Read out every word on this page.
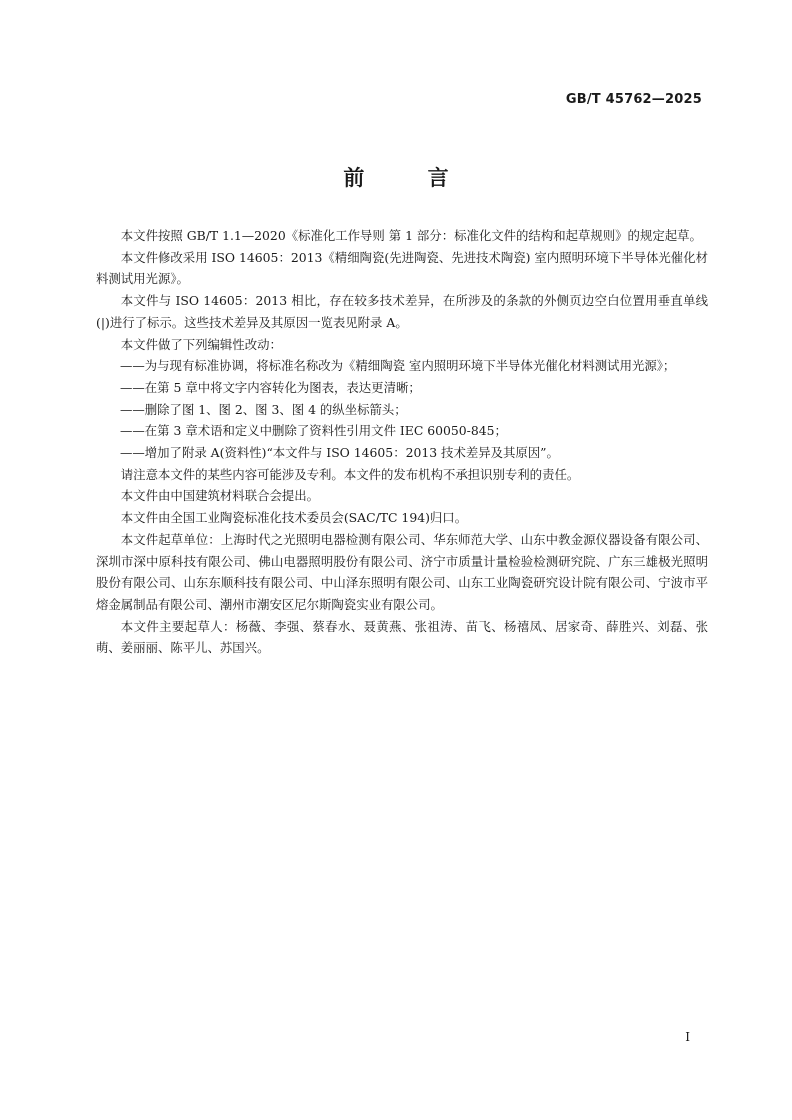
GB/T 45762—2025
前 言

本文件按照 GB/T 1.1—2020《标准化工作导则 第 1 部分：标准化文件的结构和起草规则》的规定起草。

本文件修改采用 ISO 14605：2013《精细陶瓷(先进陶瓷、先进技术陶瓷) 室内照明环境下半导体光催化材料测试用光源》。

本文件与 ISO 14605：2013 相比，存在较多技术差异，在所涉及的条款的外侧页边空白位置用垂直单线(|)进行了标示。这些技术差异及其原因一览表见附录 A。

本文件做了下列编辑性改动：

——为与现有标准协调，将标准名称改为《精细陶瓷 室内照明环境下半导体光催化材料测试用光源》；

——在第 5 章中将文字内容转化为图表，表达更清晰；

——删除了图 1、图 2、图 3、图 4 的纵坐标箭头；

——在第 3 章术语和定义中删除了资料性引用文件 IEC 60050-845；

——增加了附录 A(资料性)“本文件与 ISO 14605：2013 技术差异及其原因”。

请注意本文件的某些内容可能涉及专利。本文件的发布机构不承担识别专利的责任。

本文件由中国建筑材料联合会提出。

本文件由全国工业陶瓷标准化技术委员会(SAC/TC 194)归口。

本文件起草单位：上海时代之光照明电器检测有限公司、华东师范大学、山东中教金源仪器设备有限公司、深圳市深中原科技有限公司、佛山电器照明股份有限公司、济宁市质量计量检验检测研究院、广东三雄极光照明股份有限公司、山东东顺科技有限公司、中山泽东照明有限公司、山东工业陶瓷研究设计院有限公司、宁波市平熔金属制品有限公司、潮州市潮安区尼尔斯陶瓷实业有限公司。

本文件主要起草人：杨薇、李强、蔡春水、聂黄燕、张祖涛、苗飞、杨禧凤、居家奇、薛胜兴、刘磊、张萌、姜丽丽、陈平儿、苏国兴。

I
